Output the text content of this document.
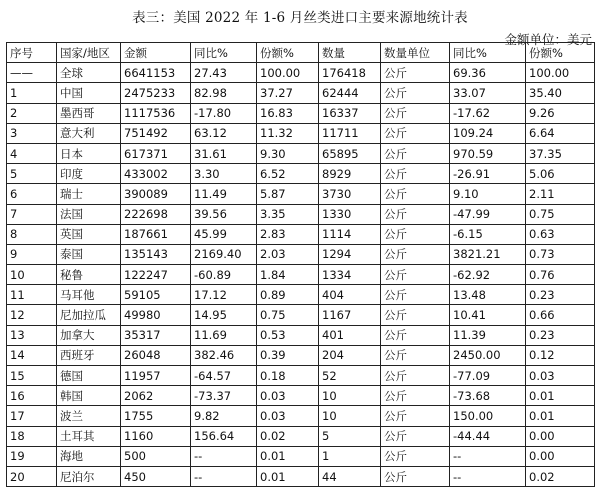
表三：美国 2022 年 1-6 月丝类进口主要来源地统计表
金额单位：美元
序号	国家/地区	金额	同比%	份额%	数量	数量单位	同比%	份额%
——	全球	6641153	27.43	100.00	176418	公斤	69.36	100.00
1	中国	2475233	82.98	37.27	62444	公斤	33.07	35.40
2	墨西哥	1117536	-17.80	16.83	16337	公斤	-17.62	9.26
3	意大利	751492	63.12	11.32	11711	公斤	109.24	6.64
4	日本	617371	31.61	9.30	65895	公斤	970.59	37.35
5	印度	433002	3.30	6.52	8929	公斤	-26.91	5.06
6	瑞士	390089	11.49	5.87	3730	公斤	9.10	2.11
7	法国	222698	39.56	3.35	1330	公斤	-47.99	0.75
8	英国	187661	45.99	2.83	1114	公斤	-6.15	0.63
9	泰国	135143	2169.40	2.03	1294	公斤	3821.21	0.73
10	秘鲁	122247	-60.89	1.84	1334	公斤	-62.92	0.76
11	马耳他	59105	17.12	0.89	404	公斤	13.48	0.23
12	尼加拉瓜	49980	14.95	0.75	1167	公斤	10.41	0.66
13	加拿大	35317	11.69	0.53	401	公斤	11.39	0.23
14	西班牙	26048	382.46	0.39	204	公斤	2450.00	0.12
15	德国	11957	-64.57	0.18	52	公斤	-77.09	0.03
16	韩国	2062	-73.37	0.03	10	公斤	-73.68	0.01
17	波兰	1755	9.82	0.03	10	公斤	150.00	0.01
18	土耳其	1160	156.64	0.02	5	公斤	-44.44	0.00
19	海地	500	--	0.01	1	公斤	--	0.00
20	尼泊尔	450	--	0.01	44	公斤	--	0.02
